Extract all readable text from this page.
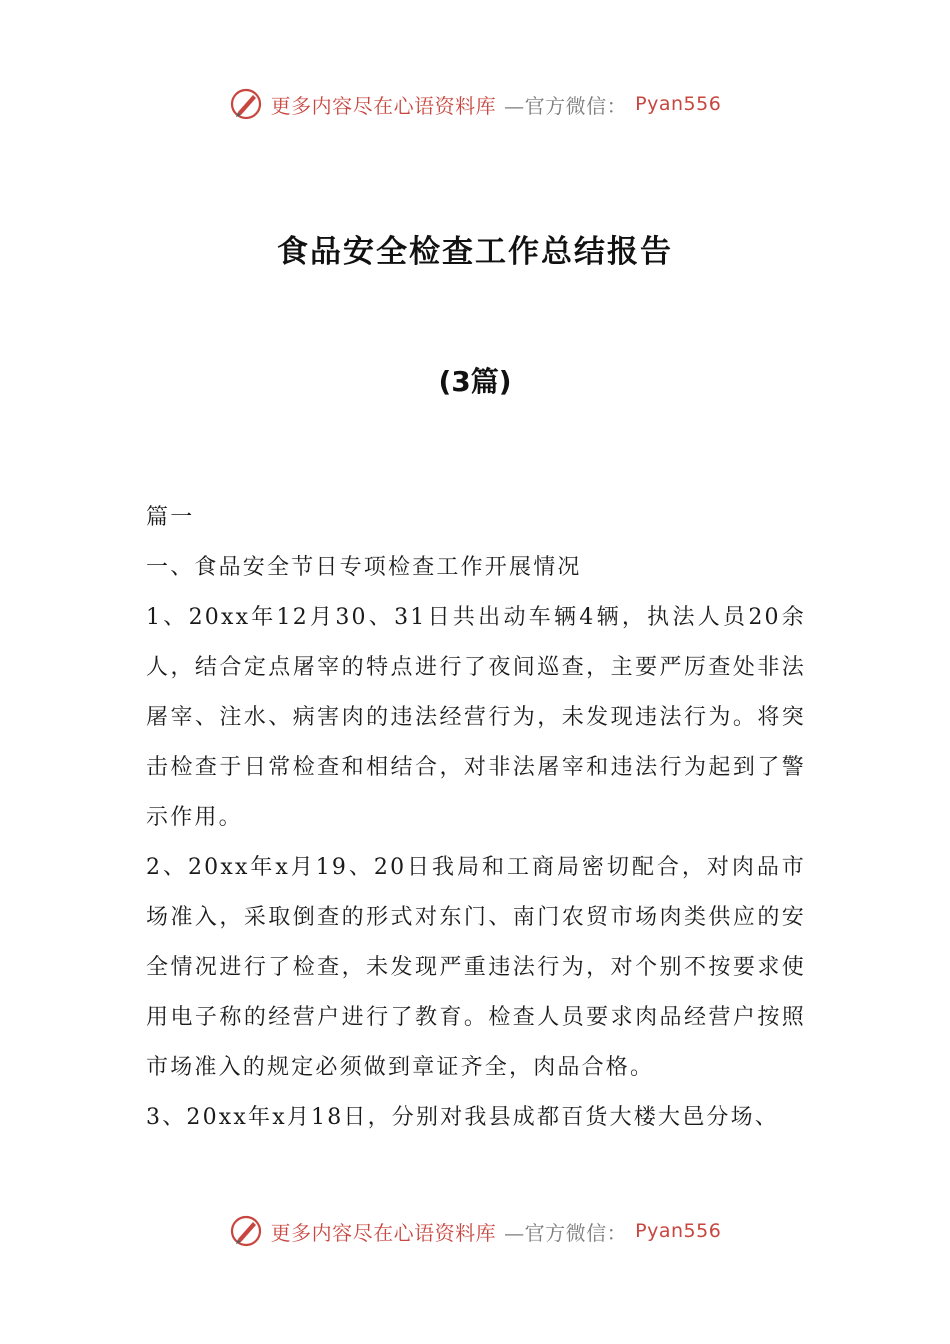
更多内容尽在心语资料库 —官方微信： Pyan556
食品安全检查工作总结报告
(3篇)

篇一

一、食品安全节日专项检查工作开展情况

1、20xx年12月30、31日共出动车辆4辆，执法人员20余人，结合定点屠宰的特点进行了夜间巡查，主要严厉查处非法屠宰、注水、病害肉的违法经营行为，未发现违法行为。将突击检查于日常检查和相结合，对非法屠宰和违法行为起到了警示作用。

2、20xx年x月19、20日我局和工商局密切配合，对肉品市场准入，采取倒查的形式对东门、南门农贸市场肉类供应的安全情况进行了检查，未发现严重违法行为，对个别不按要求使用电子称的经营户进行了教育。检查人员要求肉品经营户按照市场准入的规定必须做到章证齐全，肉品合格。

3、20xx年x月18日，分别对我县成都百货大楼大邑分场、

更多内容尽在心语资料库 —官方微信： Pyan556
